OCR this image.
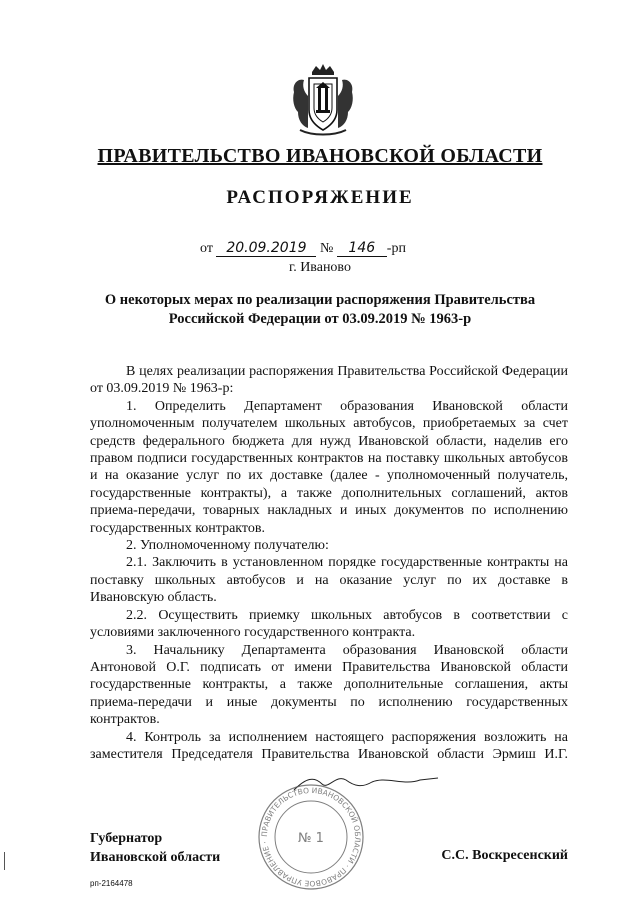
ПРАВИТЕЛЬСТВО ИВАНОВСКОЙ ОБЛАСТИ
РАСПОРЯЖЕНИЕ
от 20.09.2019 № 146 -рп
г. Иваново
О некоторых мерах по реализации распоряжения Правительства Российской Федерации от 03.09.2019 № 1963-р

В целях реализации распоряжения Правительства Российской Федерации от 03.09.2019 № 1963-р:

1. Определить Департамент образования Ивановской области уполномоченным получателем школьных автобусов, приобретаемых за счет средств федерального бюджета для нужд Ивановской области, наделив его правом подписи государственных контрактов на поставку школьных автобусов и на оказание услуг по их доставке (далее - уполномоченный получатель, государственные контракты), а также дополнительных соглашений, актов приема-передачи, товарных накладных и иных документов по исполнению государственных контрактов.

2. Уполномоченному получателю:

2.1. Заключить в установленном порядке государственные контракты на поставку школьных автобусов и на оказание услуг по их доставке в Ивановскую область.

2.2. Осуществить приемку школьных автобусов в соответствии с условиями заключенного государственного контракта.

3. Начальнику Департамента образования Ивановской области Антоновой О.Г. подписать от имени Правительства Ивановской области государственные контракты, а также дополнительные соглашения, акты приема-передачи и иные документы по исполнению государственных контрактов.

4. Контроль за исполнением настоящего распоряжения возложить на заместителя Председателя Правительства Ивановской области Эрмиш И.Г.

ПРАВИТЕЛЬСТВО ИВАНОВСКОЙ ОБЛАСТИ · ПРАВОВОЕ УПРАВЛЕНИЕ ·	№ 1
Губернатор
Ивановской области	С.С. Воскресенский
рп-2164478
